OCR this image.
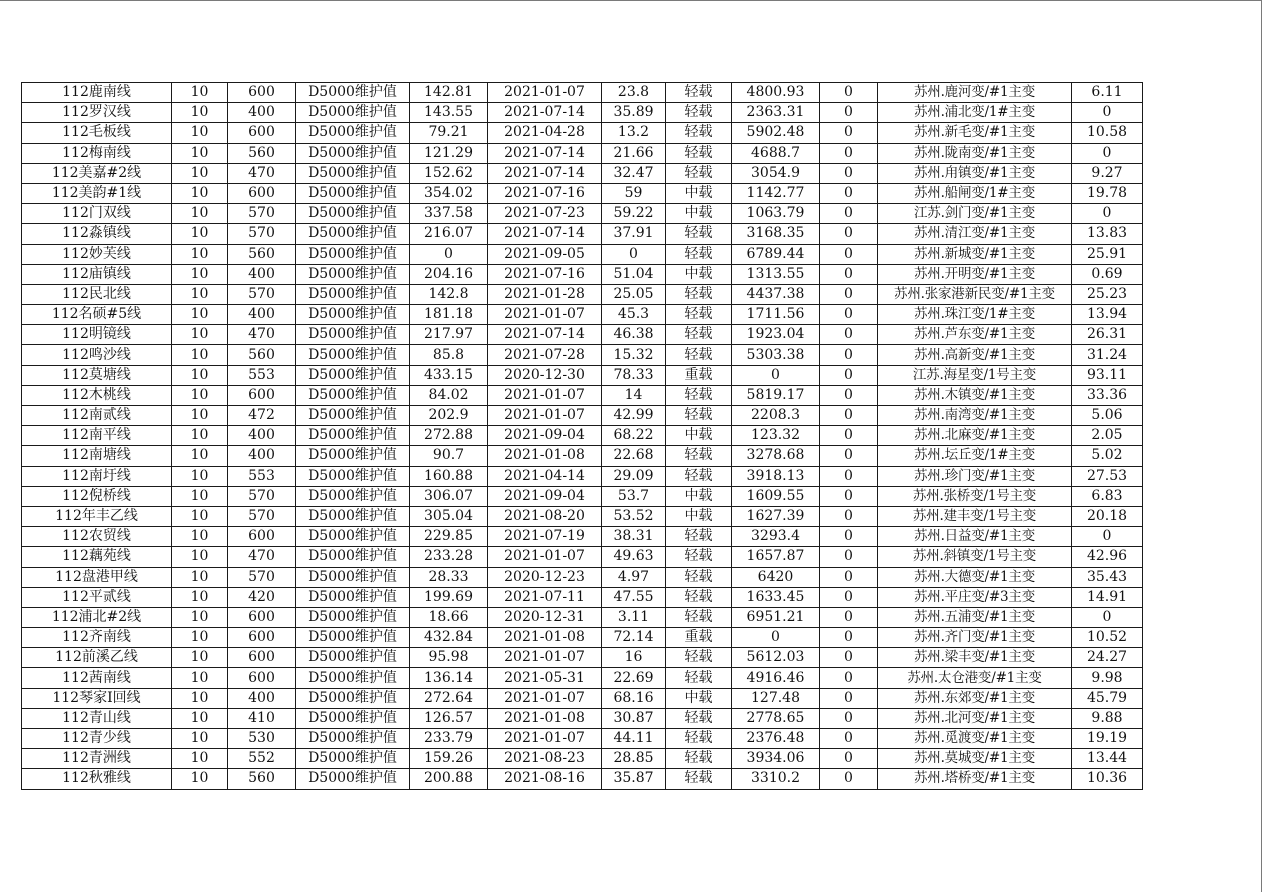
112鹿南线	10	600	D5000维护值	142.81	2021-01-07	23.8	轻载	4800.93	0	苏州.鹿河变/#1主变	6.11
112罗汉线	10	400	D5000维护值	143.55	2021-07-14	35.89	轻载	2363.31	0	苏州.浦北变/1#主变	0
112毛板线	10	600	D5000维护值	79.21	2021-04-28	13.2	轻载	5902.48	0	苏州.新毛变/#1主变	10.58
112梅南线	10	560	D5000维护值	121.29	2021-07-14	21.66	轻载	4688.7	0	苏州.陇南变/#1主变	0
112美嘉#2线	10	470	D5000维护值	152.62	2021-07-14	32.47	轻载	3054.9	0	苏州.甪镇变/#1主变	9.27
112美韵#1线	10	600	D5000维护值	354.02	2021-07-16	59	中载	1142.77	0	苏州.船闸变/1#主变	19.78
112门双线	10	570	D5000维护值	337.58	2021-07-23	59.22	中载	1063.79	0	江苏.剑门变/#1主变	0
112淼镇线	10	570	D5000维护值	216.07	2021-07-14	37.91	轻载	3168.35	0	苏州.清江变/#1主变	13.83
112妙芙线	10	560	D5000维护值	0	2021-09-05	0	轻载	6789.44	0	苏州.新城变/#1主变	25.91
112庙镇线	10	400	D5000维护值	204.16	2021-07-16	51.04	中载	1313.55	0	苏州.开明变/#1主变	0.69
112民北线	10	570	D5000维护值	142.8	2021-01-28	25.05	轻载	4437.38	0	苏州.张家港新民变/#1主变	25.23
112名硕#5线	10	400	D5000维护值	181.18	2021-01-07	45.3	轻载	1711.56	0	苏州.珠江变/1#主变	13.94
112明镜线	10	470	D5000维护值	217.97	2021-07-14	46.38	轻载	1923.04	0	苏州.芦东变/#1主变	26.31
112鸣沙线	10	560	D5000维护值	85.8	2021-07-28	15.32	轻载	5303.38	0	苏州.高新变/#1主变	31.24
112莫塘线	10	553	D5000维护值	433.15	2020-12-30	78.33	重载	0	0	江苏.海星变/1号主变	93.11
112木桃线	10	600	D5000维护值	84.02	2021-01-07	14	轻载	5819.17	0	苏州.木镇变/#1主变	33.36
112南贰线	10	472	D5000维护值	202.9	2021-01-07	42.99	轻载	2208.3	0	苏州.南湾变/#1主变	5.06
112南平线	10	400	D5000维护值	272.88	2021-09-04	68.22	中载	123.32	0	苏州.北麻变/#1主变	2.05
112南塘线	10	400	D5000维护值	90.7	2021-01-08	22.68	轻载	3278.68	0	苏州.坛丘变/1#主变	5.02
112南圩线	10	553	D5000维护值	160.88	2021-04-14	29.09	轻载	3918.13	0	苏州.珍门变/#1主变	27.53
112倪桥线	10	570	D5000维护值	306.07	2021-09-04	53.7	中载	1609.55	0	苏州.张桥变/1号主变	6.83
112年丰乙线	10	570	D5000维护值	305.04	2021-08-20	53.52	中载	1627.39	0	苏州.建丰变/1号主变	20.18
112农贸线	10	600	D5000维护值	229.85	2021-07-19	38.31	轻载	3293.4	0	苏州.日益变/#1主变	0
112藕苑线	10	470	D5000维护值	233.28	2021-01-07	49.63	轻载	1657.87	0	苏州.斜镇变/1号主变	42.96
112盘港甲线	10	570	D5000维护值	28.33	2020-12-23	4.97	轻载	6420	0	苏州.大德变/#1主变	35.43
112平贰线	10	420	D5000维护值	199.69	2021-07-11	47.55	轻载	1633.45	0	苏州.平庄变/#3主变	14.91
112浦北#2线	10	600	D5000维护值	18.66	2020-12-31	3.11	轻载	6951.21	0	苏州.五浦变/#1主变	0
112齐南线	10	600	D5000维护值	432.84	2021-01-08	72.14	重载	0	0	苏州.齐门变/#1主变	10.52
112前溪乙线	10	600	D5000维护值	95.98	2021-01-07	16	轻载	5612.03	0	苏州.梁丰变/#1主变	24.27
112茜南线	10	600	D5000维护值	136.14	2021-05-31	22.69	轻载	4916.46	0	苏州.太仓港变/#1主变	9.98
112琴家Ⅰ回线	10	400	D5000维护值	272.64	2021-01-07	68.16	中载	127.48	0	苏州.东郊变/#1主变	45.79
112青山线	10	410	D5000维护值	126.57	2021-01-08	30.87	轻载	2778.65	0	苏州.北河变/#1主变	9.88
112青少线	10	530	D5000维护值	233.79	2021-01-07	44.11	轻载	2376.48	0	苏州.觅渡变/#1主变	19.19
112青洲线	10	552	D5000维护值	159.26	2021-08-23	28.85	轻载	3934.06	0	苏州.莫城变/#1主变	13.44
112秋雅线	10	560	D5000维护值	200.88	2021-08-16	35.87	轻载	3310.2	0	苏州.塔桥变/#1主变	10.36
